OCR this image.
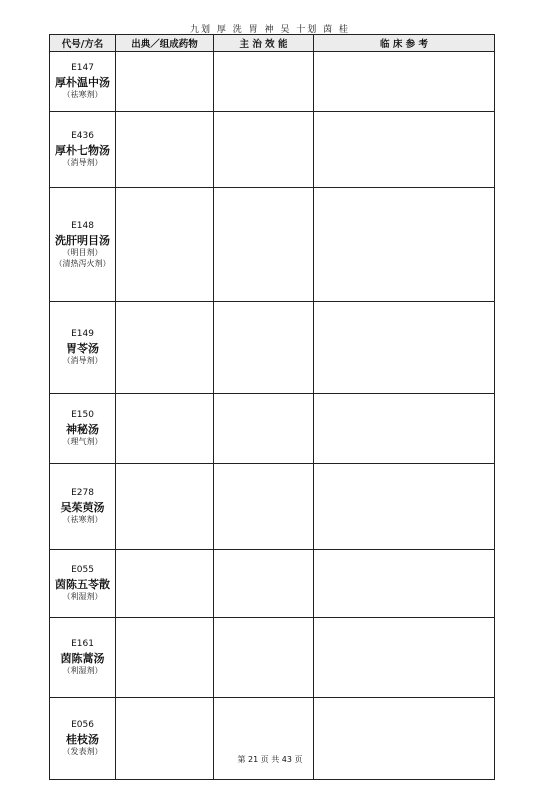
九划 厚 洗 胃 神 吴 十划 茵 桂
代号/方名	出典／组成药物	主 治 效 能	临 床 参 考

E147
厚朴温中汤
（祛寒剂）			

E436
厚朴七物汤
（消导剂）			

E148
洗肝明目汤
（明目剂）
（清热泻火剂）			

E149
胃苓汤
（消导剂）			

E150
神秘汤
（理气剂）			

E278
吴茱萸汤
（祛寒剂）			

E055
茵陈五苓散
（利湿剂）			

E161
茵陈蒿汤
（利湿剂）			

E056
桂枝汤
（发表剂）			

第 21 页 共 43 页
